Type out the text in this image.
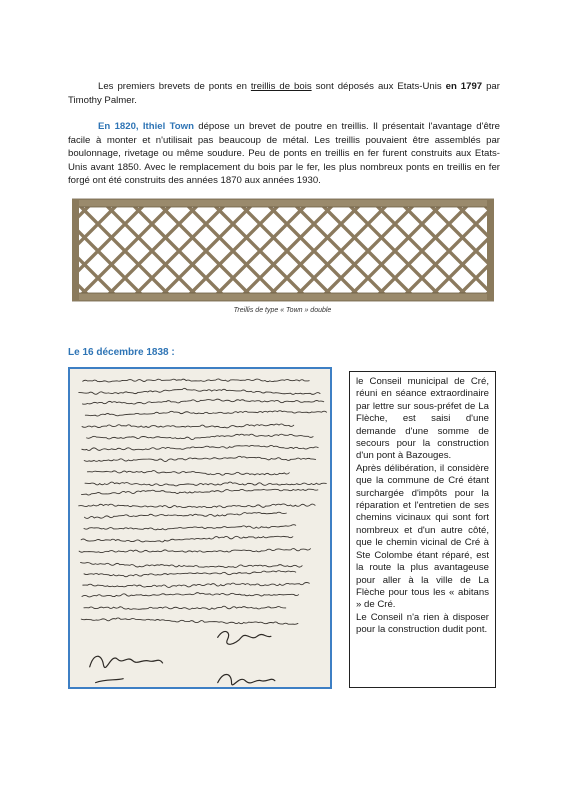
Les premiers brevets de ponts en treillis de bois sont déposés aux Etats-Unis en 1797 par Timothy Palmer.
En 1820, Ithiel Town dépose un brevet de poutre en treillis. Il présentait l'avantage d'être facile à monter et n'utilisait pas beaucoup de métal. Les treillis pouvaient être assemblés par boulonnage, rivetage ou même soudure. Peu de ponts en treillis en fer furent construits aux Etats-Unis avant 1850. Avec le remplacement du bois par le fer, les plus nombreux ponts en treillis en fer forgé ont été construits des années 1870 aux années 1930.
Treillis de type « Town » double
Le 16 décembre 1838 :

le Conseil municipal de Cré, réuni en séance extraordinaire par lettre sur sous-préfet de La Flèche, est saisi d'une demande d'une somme de secours pour la construction d'un pont à Bazouges.

Après délibération, il considère que la commune de Cré étant surchargée d'impôts pour la réparation et l'entretien de ses chemins vicinaux qui sont fort nombreux et d'un autre côté, que le chemin vicinal de Cré à Ste Colombe étant réparé, est la route la plus avantageuse pour aller à la ville de La Flèche pour tous les « abitans » de Cré.

Le Conseil n'a rien à disposer pour la construction dudit pont.
